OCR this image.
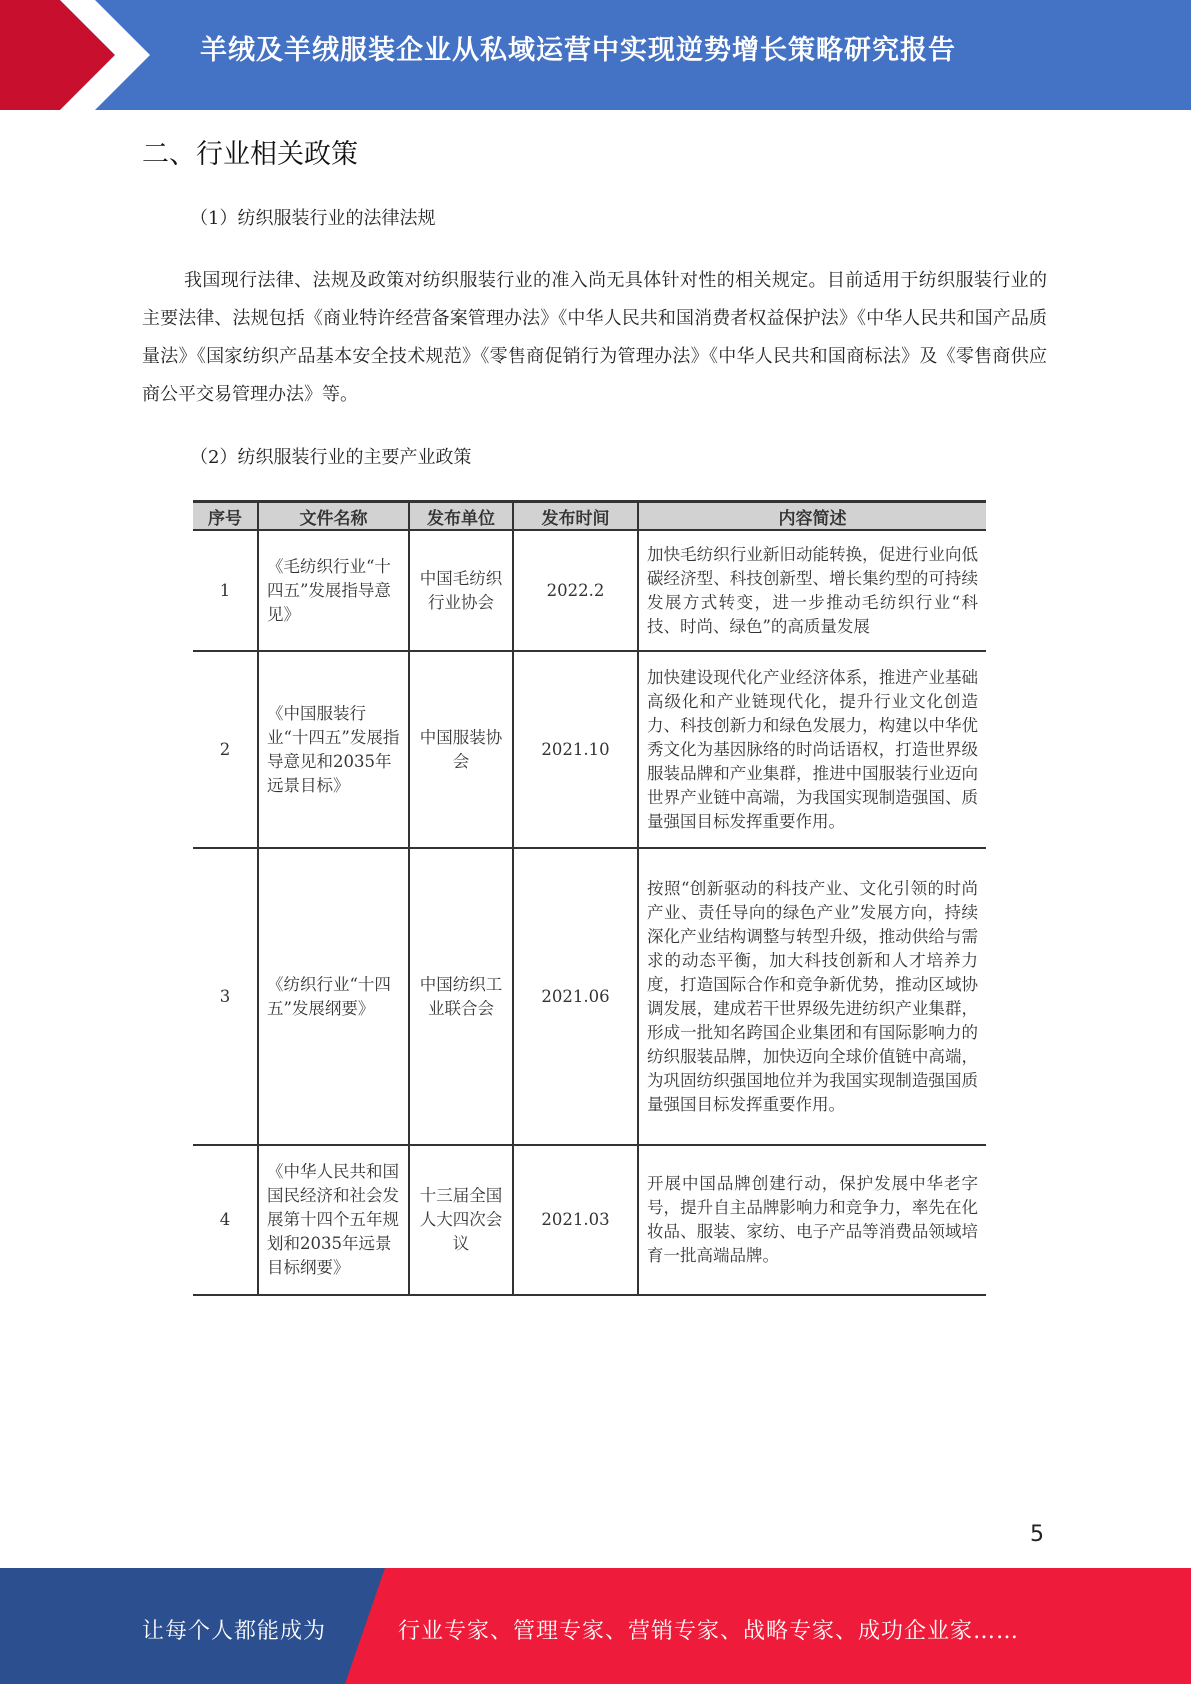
羊绒及羊绒服装企业从私域运营中实现逆势增长策略研究报告
二、行业相关政策
（1）纺织服装行业的法律法规
我国现行法律、法规及政策对纺织服装行业的准入尚无具体针对性的相关规定。目前适用于纺织服装行业的主要法律、法规包括《商业特许经营备案管理办法》《中华人民共和国消费者权益保护法》《中华人民共和国产品质量法》《国家纺织产品基本安全技术规范》《零售商促销行为管理办法》《中华人民共和国商标法》及《零售商供应商公平交易管理办法》等。
（2）纺织服装行业的主要产业政策
序号	文件名称	发布单位	发布时间	内容简述
1	《毛纺织行业“十四五”发展指导意见》	中国毛纺织行业协会	2022.2	加快毛纺织行业新旧动能转换，促进行业向低碳经济型、科技创新型、增长集约型的可持续发展方式转变，进一步推动毛纺织行业“科技、时尚、绿色”的高质量发展
2	《中国服装行业“十四五”发展指导意见和2035年远景目标》	中国服装协会	2021.10	加快建设现代化产业经济体系，推进产业基础高级化和产业链现代化，提升行业文化创造力、科技创新力和绿色发展力，构建以中华优秀文化为基因脉络的时尚话语权，打造世界级服装品牌和产业集群，推进中国服装行业迈向世界产业链中高端，为我国实现制造强国、质量强国目标发挥重要作用。
3	《纺织行业“十四五”发展纲要》	中国纺织工业联合会	2021.06	按照“创新驱动的科技产业、文化引领的时尚产业、责任导向的绿色产业”发展方向，持续深化产业结构调整与转型升级，推动供给与需求的动态平衡，加大科技创新和人才培养力度，打造国际合作和竞争新优势，推动区域协调发展，建成若干世界级先进纺织产业集群，形成一批知名跨国企业集团和有国际影响力的纺织服装品牌，加快迈向全球价值链中高端，为巩固纺织强国地位并为我国实现制造强国质量强国目标发挥重要作用。
4	《中华人民共和国国民经济和社会发展第十四个五年规划和2035年远景目标纲要》	十三届全国人大四次会议	2021.03	开展中国品牌创建行动，保护发展中华老字号，提升自主品牌影响力和竞争力，率先在化妆品、服装、家纺、电子产品等消费品领域培育一批高端品牌。
5
让每个人都能成为	行业专家、管理专家、营销专家、战略专家、成功企业家……
